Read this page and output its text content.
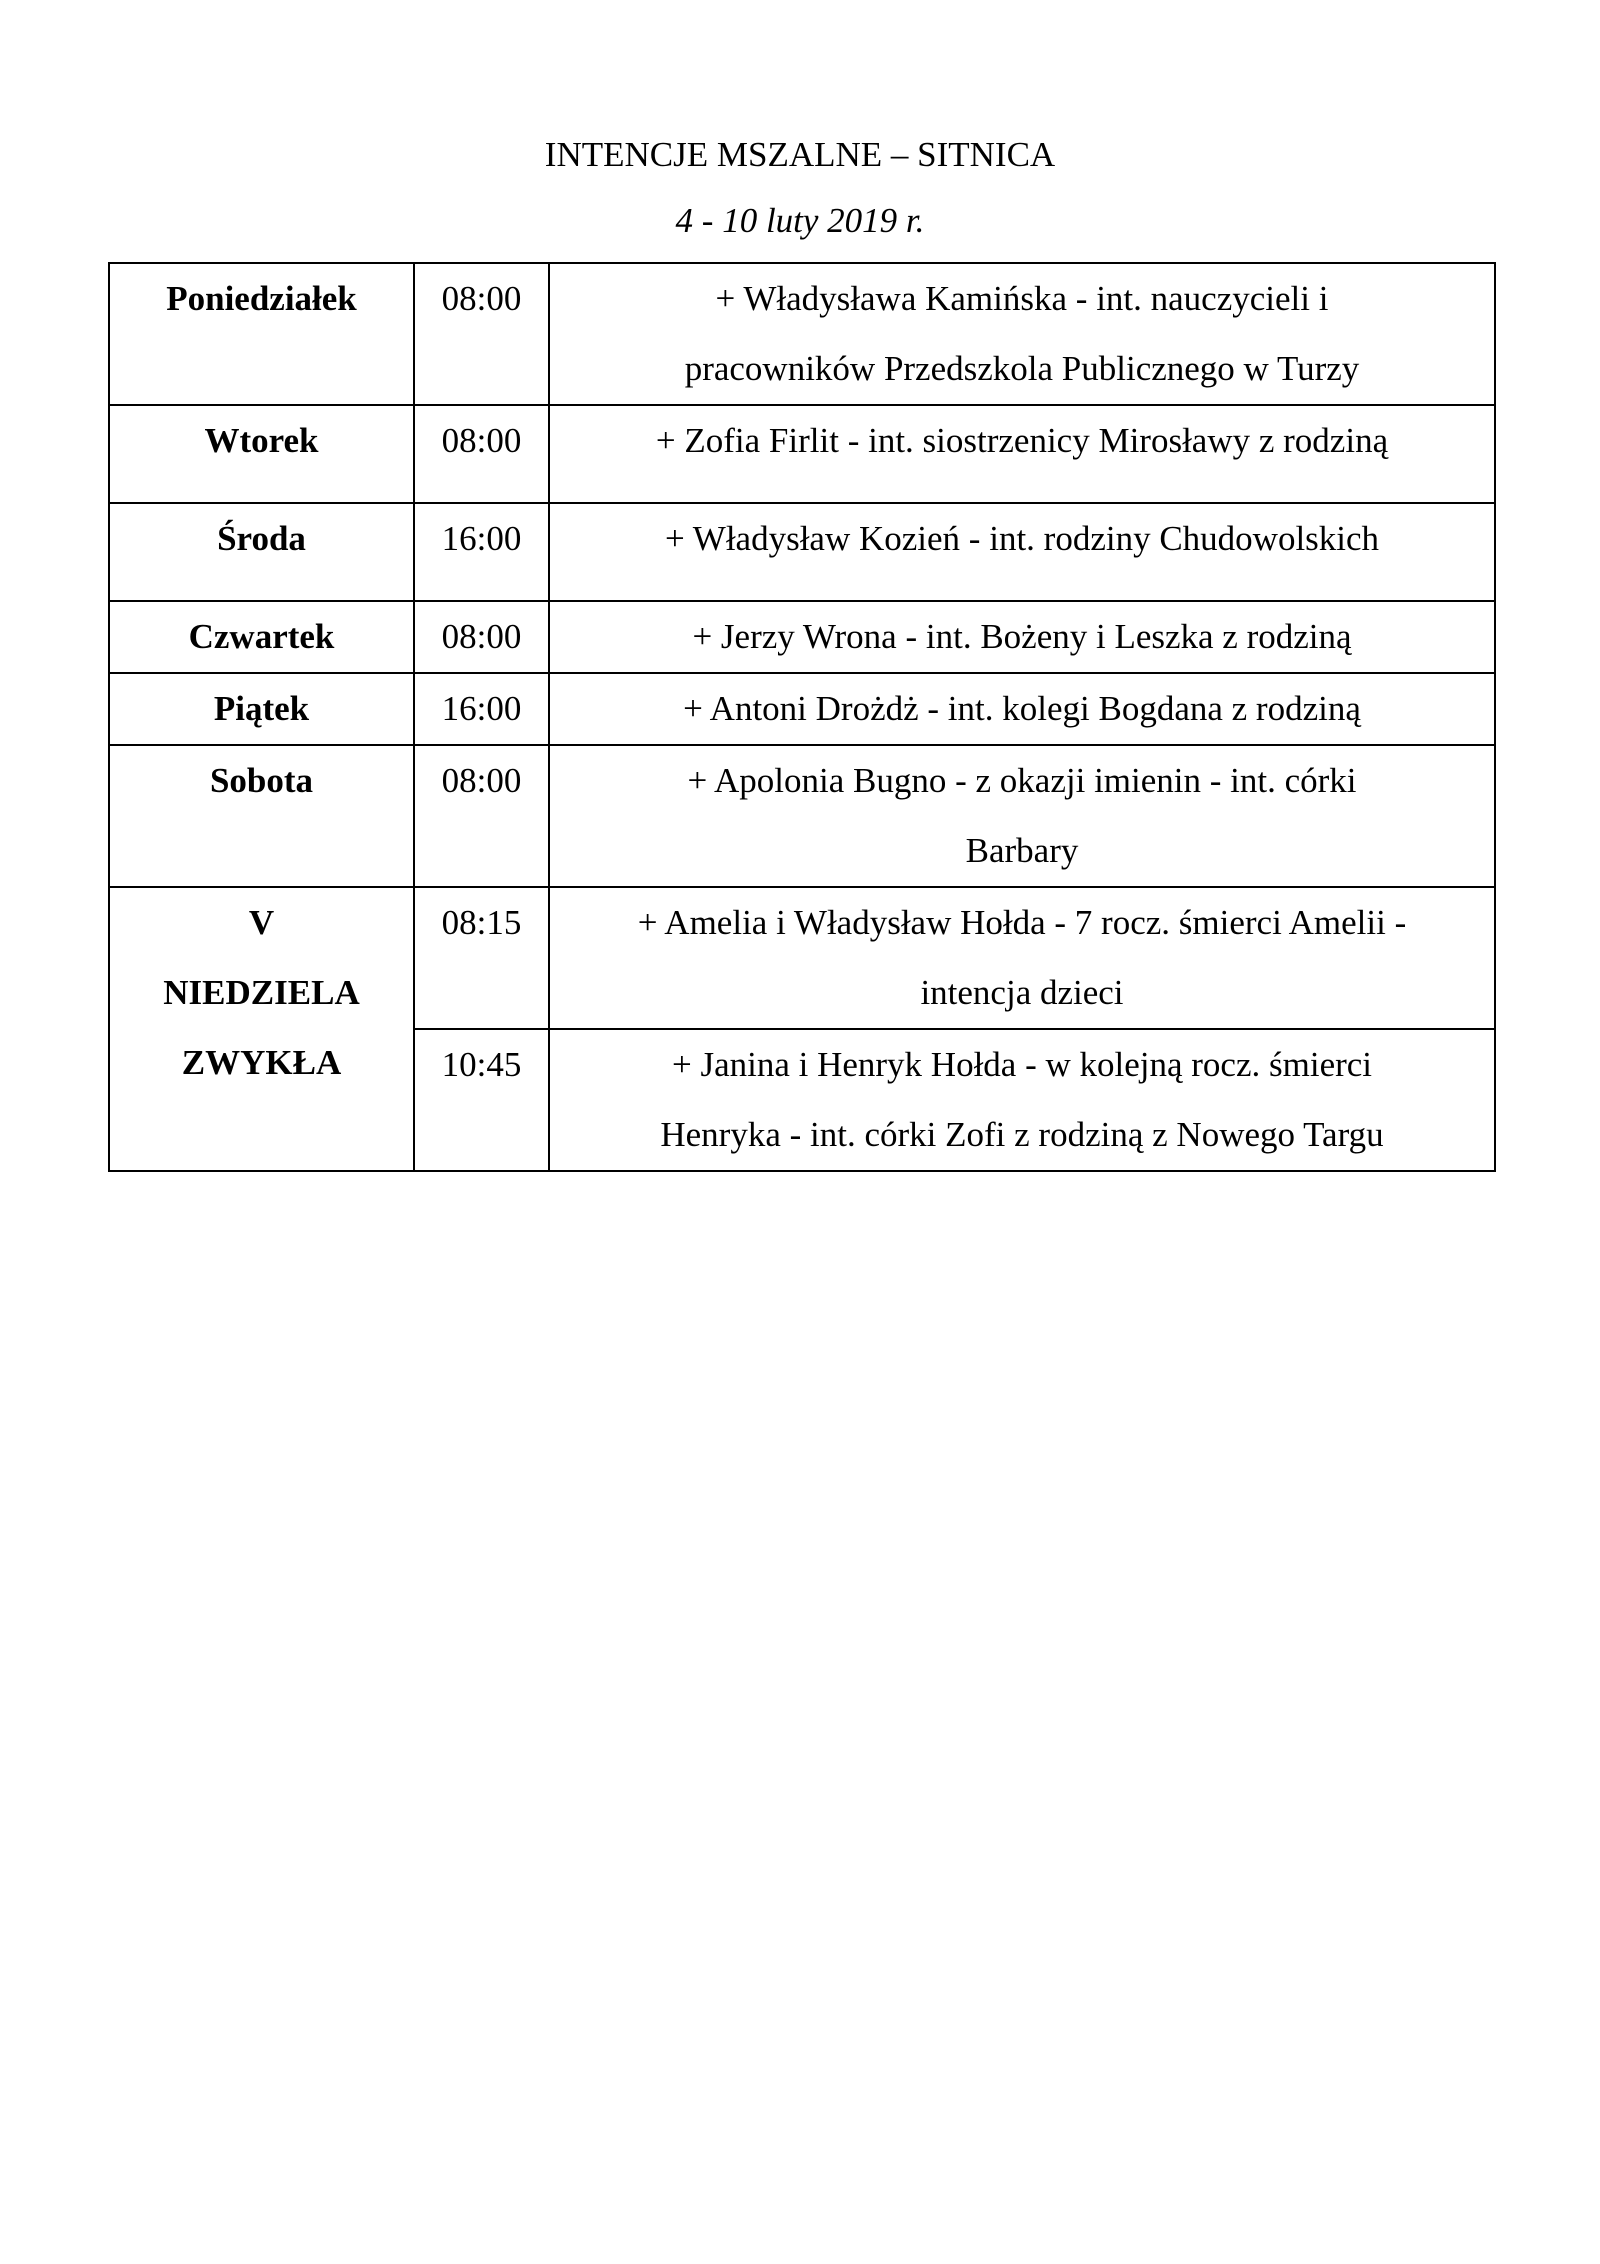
INTENCJE MSZALNE – SITNICA
4 - 10 luty 2019 r.
Poniedziałek	08:00	+ Władysława Kamińska - int. nauczycieli i
pracowników Przedszkola Publicznego w Turzy
Wtorek	08:00	+ Zofia Firlit - int. siostrzenicy Mirosławy z rodziną
Środa	16:00	+ Władysław Kozień - int. rodziny Chudowolskich
Czwartek	08:00	+ Jerzy Wrona - int. Bożeny i Leszka z rodziną
Piątek	16:00	+ Antoni Drożdż - int. kolegi Bogdana z rodziną
Sobota	08:00	+ Apolonia Bugno - z okazji imienin - int. córki
Barbary
V
NIEDZIELA
ZWYKŁA	08:15	+ Amelia i Władysław Hołda - 7 rocz. śmierci Amelii -
intencja dzieci
	10:45	+ Janina i Henryk Hołda - w kolejną rocz. śmierci
Henryka - int. córki Zofi z rodziną z Nowego Targu
